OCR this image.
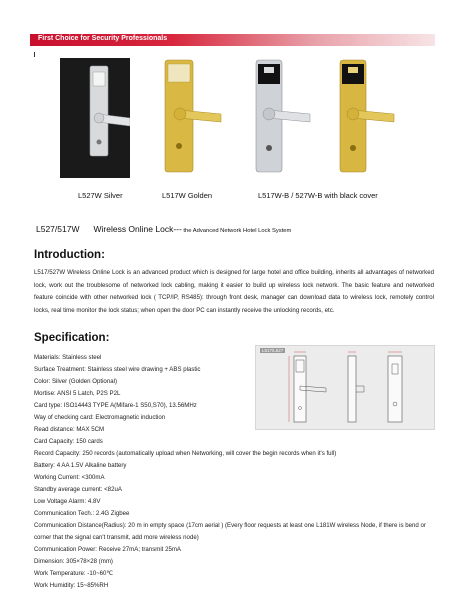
First Choice for Security Professionals
L527W Silver	L517W Golden	L517W-B / 527W-B with black cover
L527/517W Wireless Online Lock--- the Advanced Network Hotel Lock System
Introduction:

L517/527W Wireless Online Lock is an advanced product which is designed for large hotel and office building, inherits all advantages of networked lock, work out the troublesome of networked lock cabling, making it easier to build up wireless lock network. The basic feature and networked feature coincide with other networked lock ( TCP/IP, RS485): through front desk, manager can download data to wireless lock, remotely control locks, real time monitor the lock status; when open the door PC can instantly receive the unlocking records, etc.

Specification:
L517/L527
Materials: Stainless steel
Surface Treatment: Stainless steel wire drawing + ABS plastic
Color: Silver (Golden Optional)
Mortise: ANSI 5 Latch, P2S P2L
Card type: ISO14443 TYPE A(Mifare-1 S50,S70), 13.56MHz
Way of checking card: Electromagnetic induction
Read distance: MAX 5CM
Card Capacity: 150 cards
Record Capacity: 250 records (automatically upload when Networking, will cover the begin records when it's full)
Battery: 4 AA 1.5V Alkaline battery
Working Current: <300mA
Standby average current: <82uA
Low Voltage Alarm: 4.8V
Communication Tech.: 2.4G Zigbee
Communication Distance(Radius): 20 m in empty space (17cm aerial ) (Every floor requests at least one L181W wireless Node, if there is bend or corner that the signal can't transmit, add more wireless node)
Communication Power: Receive 27mA; transmit 25mA
Dimension: 305×78×28 (mm)
Work Temperature: -10~60℃
Work Humidity: 15~85%RH
